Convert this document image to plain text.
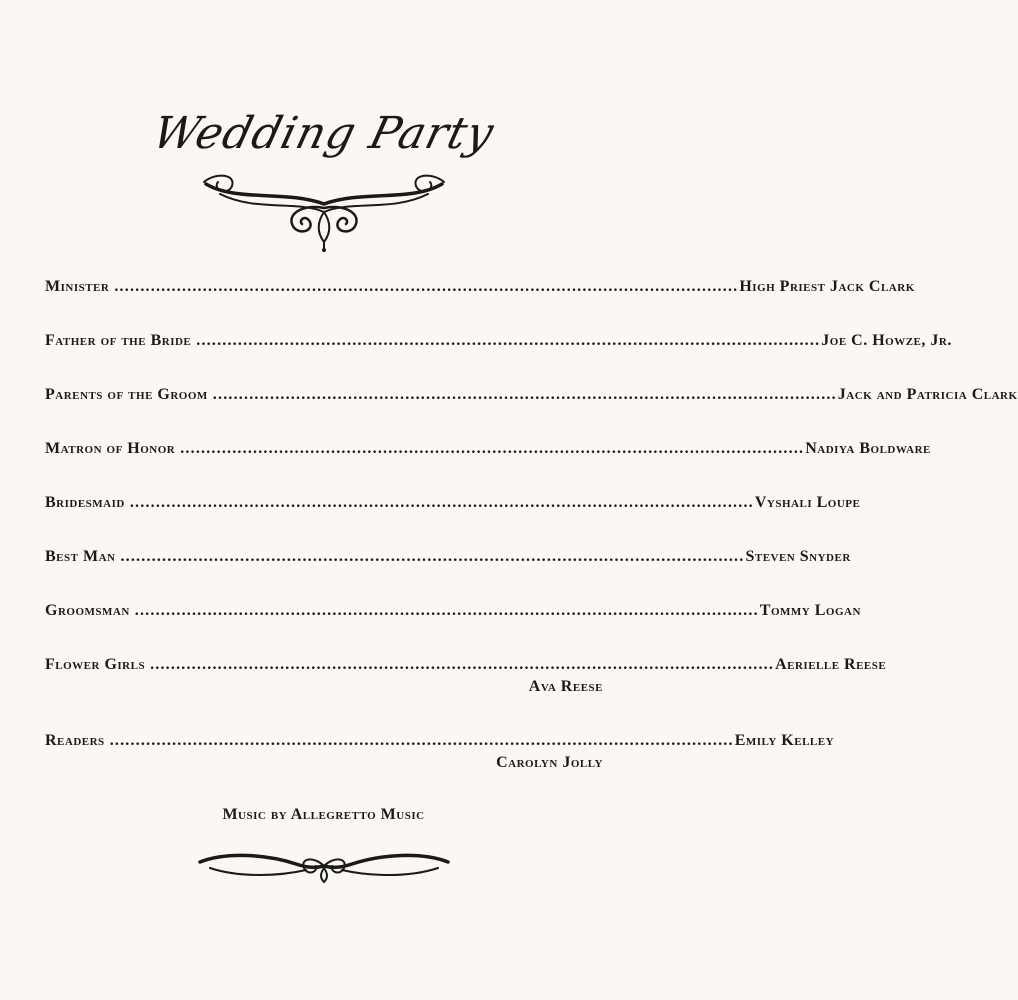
Wedding Party
Minister ........................................................................................................................ High Priest Jack Clark
Father of the Bride ........................................................................................................................ Joe C. Howze, Jr.
Parents of the Groom ........................................................................................................................ Jack and Patricia Clark
Matron of Honor ........................................................................................................................ Nadiya Boldware
Bridesmaid ........................................................................................................................ Vyshali Loupe
Best Man ........................................................................................................................ Steven Snyder
Groomsman ........................................................................................................................ Tommy Logan
Flower Girls ........................................................................................................................ Aerielle Reese
Ava Reese
Readers ........................................................................................................................ Emily Kelley
Carolyn Jolly
Music by Allegretto Music
